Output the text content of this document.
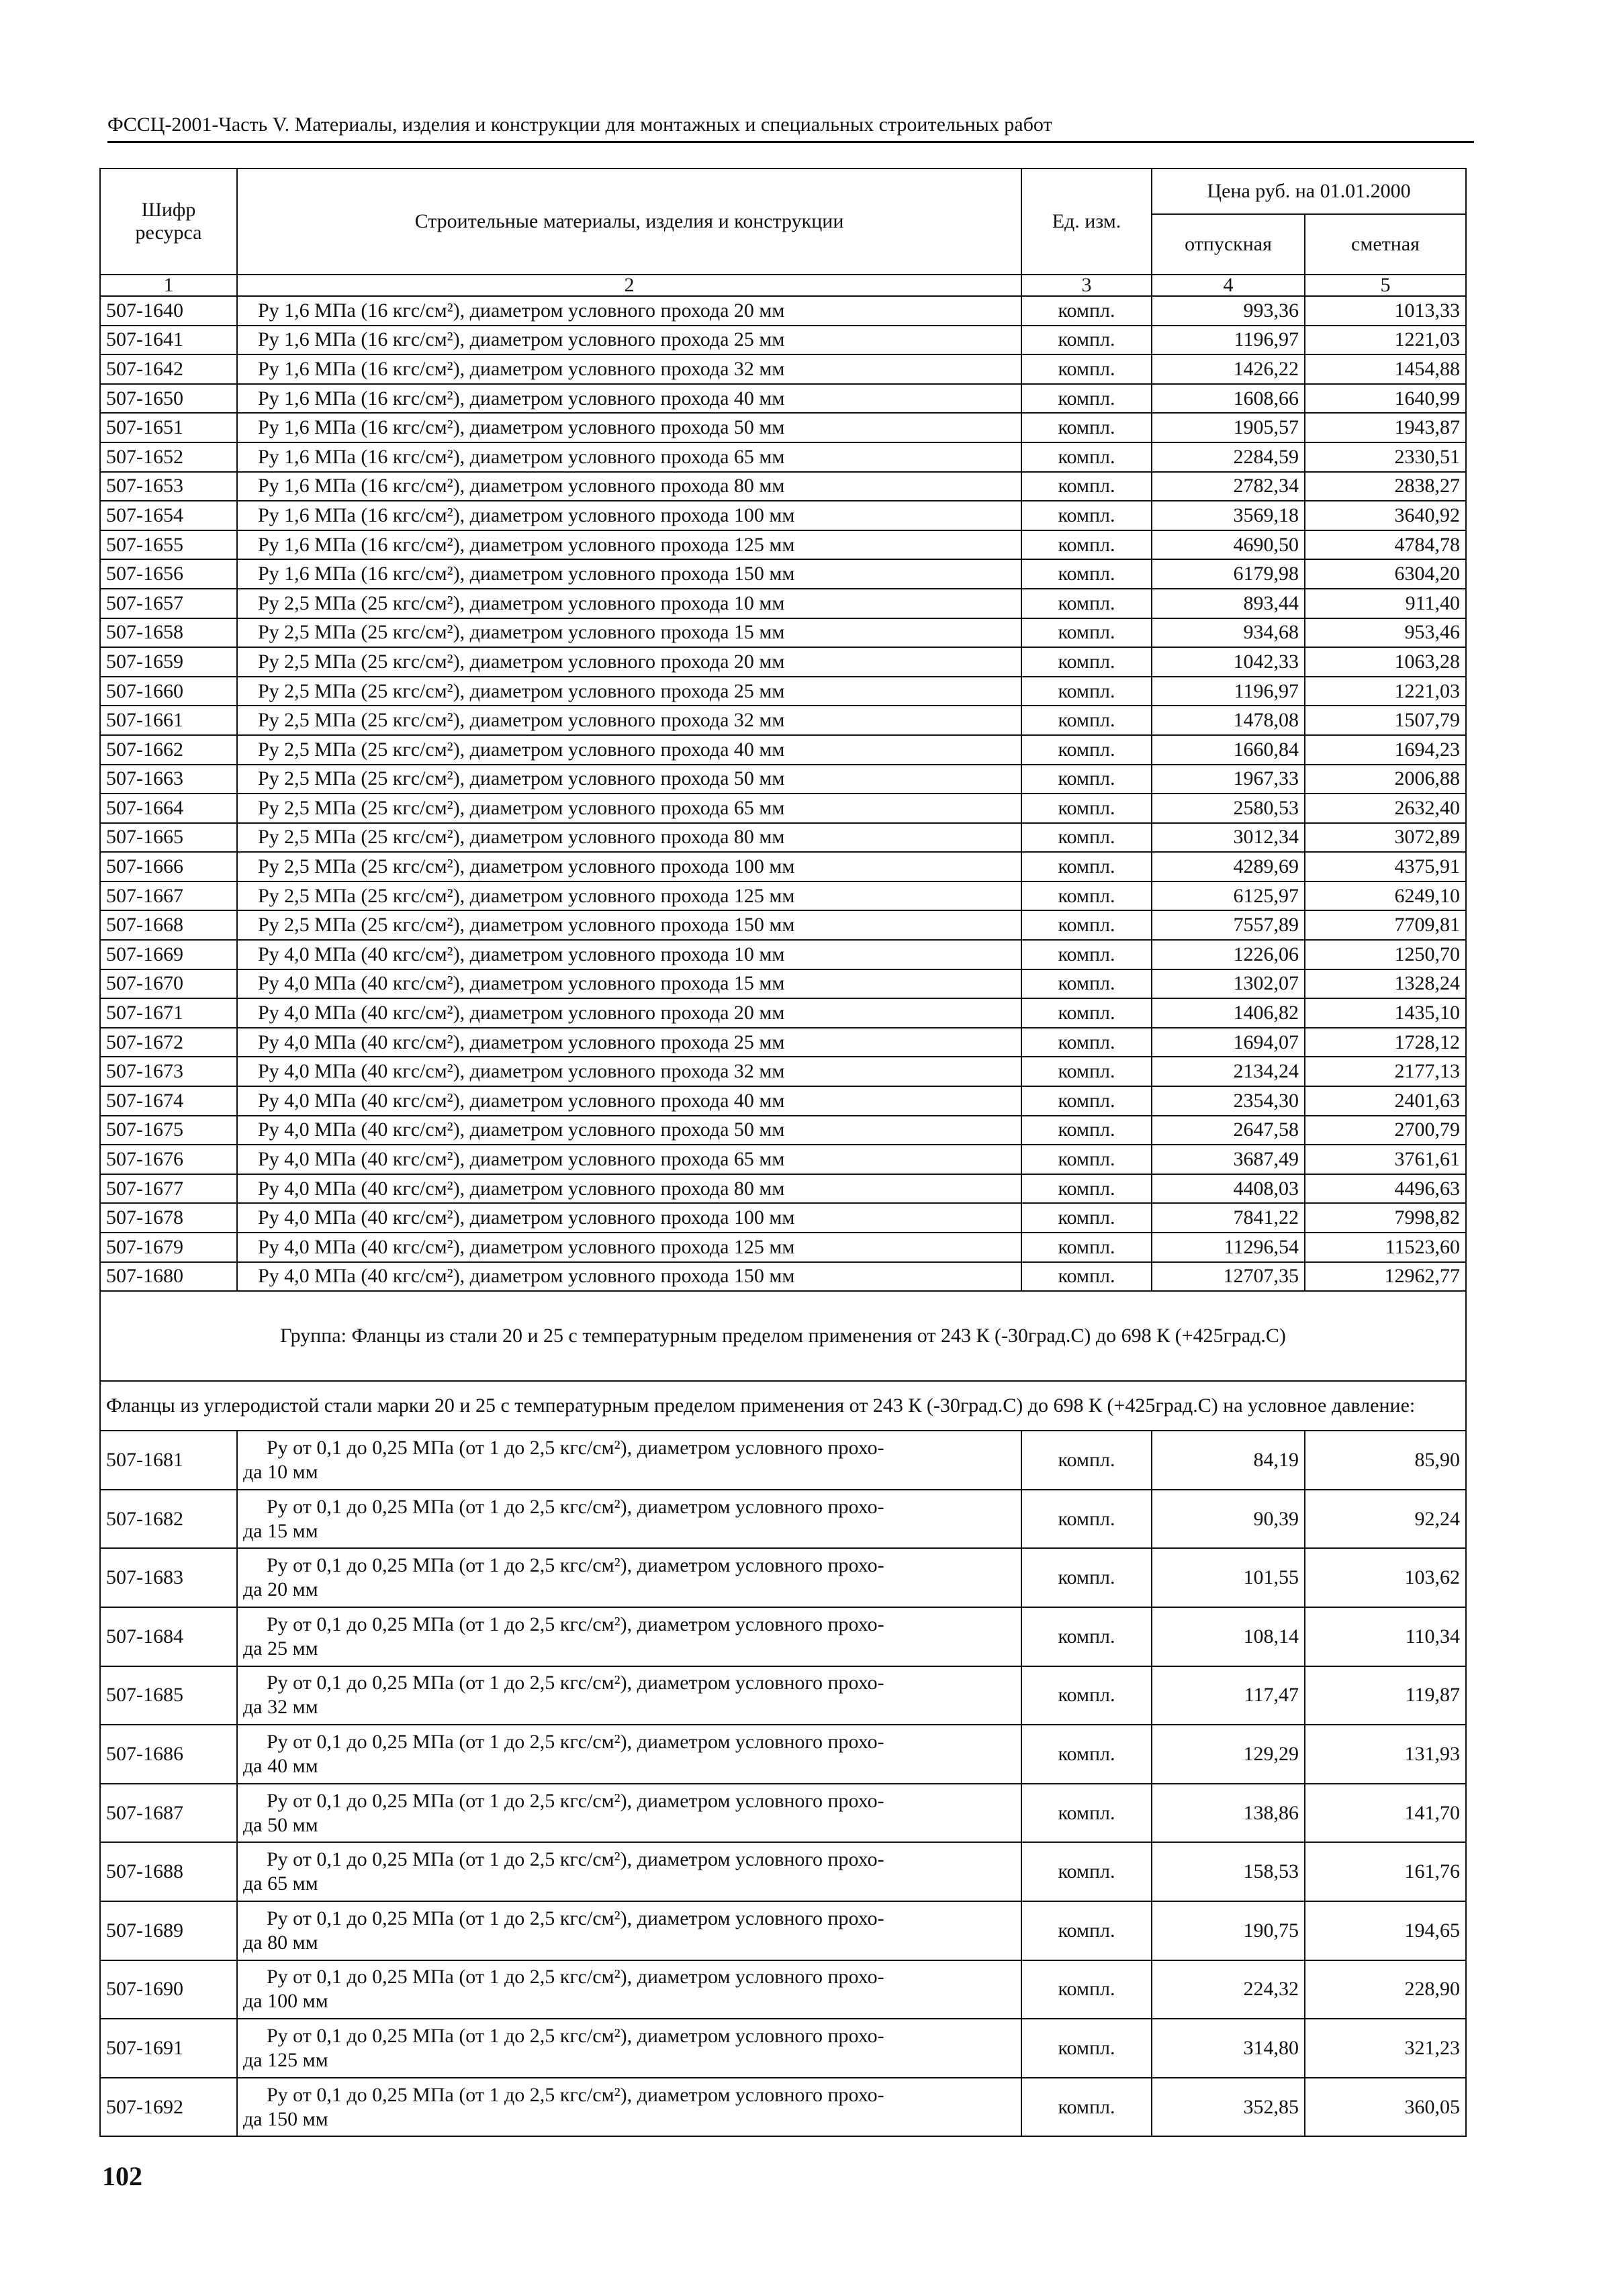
ФССЦ-2001-Часть V. Материалы, изделия и конструкции для монтажных и специальных строительных работ
Шифр ресурса	Строительные материалы, изделия и конструкции	Ед. изм.	Цена руб. на 01.01.2000	
			отпускная	сметная
1	2	3	4	5
507-1640	Ру 1,6 МПа (16 кгс/см²), диаметром условного прохода 20 мм	компл.	993,36	1013,33
507-1641	Ру 1,6 МПа (16 кгс/см²), диаметром условного прохода 25 мм	компл.	1196,97	1221,03
507-1642	Ру 1,6 МПа (16 кгс/см²), диаметром условного прохода 32 мм	компл.	1426,22	1454,88
507-1650	Ру 1,6 МПа (16 кгс/см²), диаметром условного прохода 40 мм	компл.	1608,66	1640,99
507-1651	Ру 1,6 МПа (16 кгс/см²), диаметром условного прохода 50 мм	компл.	1905,57	1943,87
507-1652	Ру 1,6 МПа (16 кгс/см²), диаметром условного прохода 65 мм	компл.	2284,59	2330,51
507-1653	Ру 1,6 МПа (16 кгс/см²), диаметром условного прохода 80 мм	компл.	2782,34	2838,27
507-1654	Ру 1,6 МПа (16 кгс/см²), диаметром условного прохода 100 мм	компл.	3569,18	3640,92
507-1655	Ру 1,6 МПа (16 кгс/см²), диаметром условного прохода 125 мм	компл.	4690,50	4784,78
507-1656	Ру 1,6 МПа (16 кгс/см²), диаметром условного прохода 150 мм	компл.	6179,98	6304,20
507-1657	Ру 2,5 МПа (25 кгс/см²), диаметром условного прохода 10 мм	компл.	893,44	911,40
507-1658	Ру 2,5 МПа (25 кгс/см²), диаметром условного прохода 15 мм	компл.	934,68	953,46
507-1659	Ру 2,5 МПа (25 кгс/см²), диаметром условного прохода 20 мм	компл.	1042,33	1063,28
507-1660	Ру 2,5 МПа (25 кгс/см²), диаметром условного прохода 25 мм	компл.	1196,97	1221,03
507-1661	Ру 2,5 МПа (25 кгс/см²), диаметром условного прохода 32 мм	компл.	1478,08	1507,79
507-1662	Ру 2,5 МПа (25 кгс/см²), диаметром условного прохода 40 мм	компл.	1660,84	1694,23
507-1663	Ру 2,5 МПа (25 кгс/см²), диаметром условного прохода 50 мм	компл.	1967,33	2006,88
507-1664	Ру 2,5 МПа (25 кгс/см²), диаметром условного прохода 65 мм	компл.	2580,53	2632,40
507-1665	Ру 2,5 МПа (25 кгс/см²), диаметром условного прохода 80 мм	компл.	3012,34	3072,89
507-1666	Ру 2,5 МПа (25 кгс/см²), диаметром условного прохода 100 мм	компл.	4289,69	4375,91
507-1667	Ру 2,5 МПа (25 кгс/см²), диаметром условного прохода 125 мм	компл.	6125,97	6249,10
507-1668	Ру 2,5 МПа (25 кгс/см²), диаметром условного прохода 150 мм	компл.	7557,89	7709,81
507-1669	Ру 4,0 МПа (40 кгс/см²), диаметром условного прохода 10 мм	компл.	1226,06	1250,70
507-1670	Ру 4,0 МПа (40 кгс/см²), диаметром условного прохода 15 мм	компл.	1302,07	1328,24
507-1671	Ру 4,0 МПа (40 кгс/см²), диаметром условного прохода 20 мм	компл.	1406,82	1435,10
507-1672	Ру 4,0 МПа (40 кгс/см²), диаметром условного прохода 25 мм	компл.	1694,07	1728,12
507-1673	Ру 4,0 МПа (40 кгс/см²), диаметром условного прохода 32 мм	компл.	2134,24	2177,13
507-1674	Ру 4,0 МПа (40 кгс/см²), диаметром условного прохода 40 мм	компл.	2354,30	2401,63
507-1675	Ру 4,0 МПа (40 кгс/см²), диаметром условного прохода 50 мм	компл.	2647,58	2700,79
507-1676	Ру 4,0 МПа (40 кгс/см²), диаметром условного прохода 65 мм	компл.	3687,49	3761,61
507-1677	Ру 4,0 МПа (40 кгс/см²), диаметром условного прохода 80 мм	компл.	4408,03	4496,63
507-1678	Ру 4,0 МПа (40 кгс/см²), диаметром условного прохода 100 мм	компл.	7841,22	7998,82
507-1679	Ру 4,0 МПа (40 кгс/см²), диаметром условного прохода 125 мм	компл.	11296,54	11523,60
507-1680	Ру 4,0 МПа (40 кгс/см²), диаметром условного прохода 150 мм	компл.	12707,35	12962,77
Группа: Фланцы из стали 20 и 25 с температурным пределом применения от 243 К (-30град.С) до 698 К (+425град.С)				
Фланцы из углеродистой стали марки 20 и 25 с температурным пределом применения от 243 К (-30град.С) до 698 К (+425град.С) на условное давление:				
507-1681	Ру от 0,1 до 0,25 МПа (от 1 до 2,5 кгс/см²), диаметром условного прохо-
да 10 мм	компл.	84,19	85,90
507-1682	Ру от 0,1 до 0,25 МПа (от 1 до 2,5 кгс/см²), диаметром условного прохо-
да 15 мм	компл.	90,39	92,24
507-1683	Ру от 0,1 до 0,25 МПа (от 1 до 2,5 кгс/см²), диаметром условного прохо-
да 20 мм	компл.	101,55	103,62
507-1684	Ру от 0,1 до 0,25 МПа (от 1 до 2,5 кгс/см²), диаметром условного прохо-
да 25 мм	компл.	108,14	110,34
507-1685	Ру от 0,1 до 0,25 МПа (от 1 до 2,5 кгс/см²), диаметром условного прохо-
да 32 мм	компл.	117,47	119,87
507-1686	Ру от 0,1 до 0,25 МПа (от 1 до 2,5 кгс/см²), диаметром условного прохо-
да 40 мм	компл.	129,29	131,93
507-1687	Ру от 0,1 до 0,25 МПа (от 1 до 2,5 кгс/см²), диаметром условного прохо-
да 50 мм	компл.	138,86	141,70
507-1688	Ру от 0,1 до 0,25 МПа (от 1 до 2,5 кгс/см²), диаметром условного прохо-
да 65 мм	компл.	158,53	161,76
507-1689	Ру от 0,1 до 0,25 МПа (от 1 до 2,5 кгс/см²), диаметром условного прохо-
да 80 мм	компл.	190,75	194,65
507-1690	Ру от 0,1 до 0,25 МПа (от 1 до 2,5 кгс/см²), диаметром условного прохо-
да 100 мм	компл.	224,32	228,90
507-1691	Ру от 0,1 до 0,25 МПа (от 1 до 2,5 кгс/см²), диаметром условного прохо-
да 125 мм	компл.	314,80	321,23
507-1692	Ру от 0,1 до 0,25 МПа (от 1 до 2,5 кгс/см²), диаметром условного прохо-
да 150 мм	компл.	352,85	360,05
102
